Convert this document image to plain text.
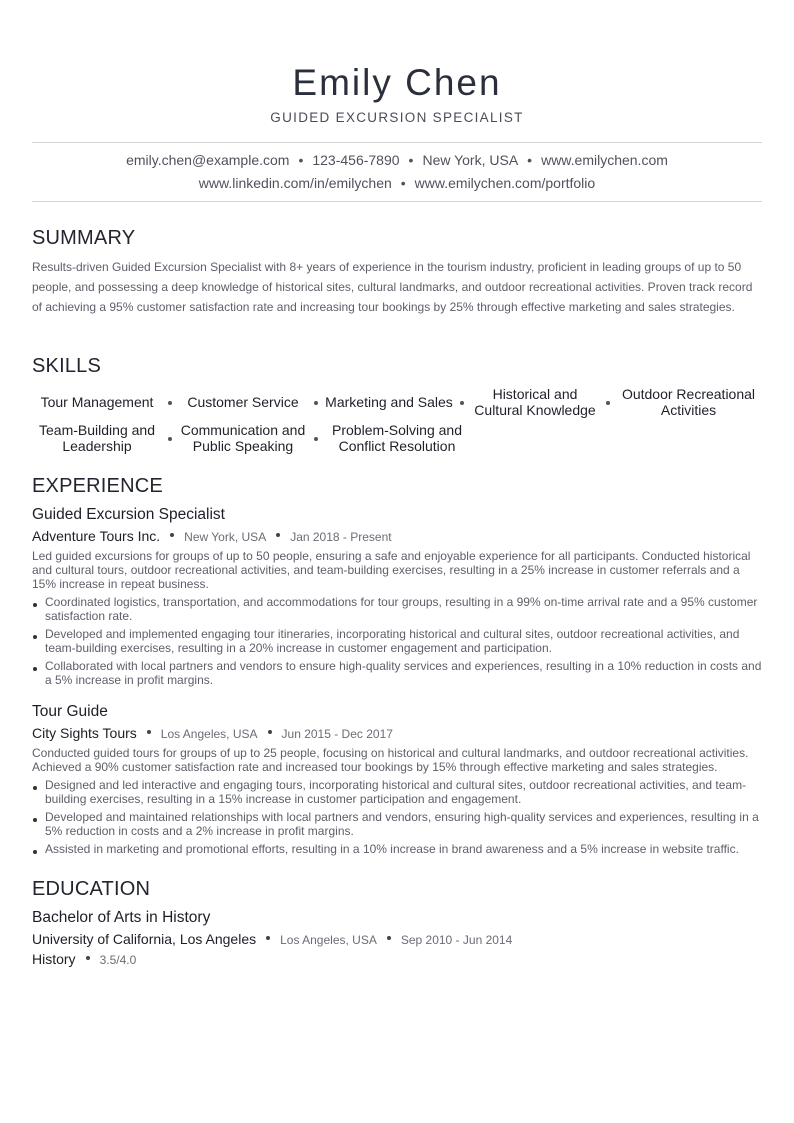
Emily Chen
GUIDED EXCURSION SPECIALIST
emily.chen@example.com • 123-456-7890 • New York, USA • www.emilychen.com
www.linkedin.com/in/emilychen • www.emilychen.com/portfolio
SUMMARY
Results-driven Guided Excursion Specialist with 8+ years of experience in the tourism industry, proficient in leading groups of up to 50 people, and possessing a deep knowledge of historical sites, cultural landmarks, and outdoor recreational activities. Proven track record of achieving a 95% customer satisfaction rate and increasing tour bookings by 25% through effective marketing and sales strategies.
SKILLS
Tour Management	Customer Service	Marketing and Sales	Historical and Cultural Knowledge
Outdoor Recreational Activities
Team-Building and Leadership
Communication and Public Speaking
Problem-Solving and Conflict Resolution
EXPERIENCE
Guided Excursion Specialist
Adventure Tours Inc. New York, USA Jan 2018 - Present
Led guided excursions for groups of up to 50 people, ensuring a safe and enjoyable experience for all participants. Conducted historical and cultural tours, outdoor recreational activities, and team-building exercises, resulting in a 25% increase in customer referrals and a 15% increase in repeat business.
Coordinated logistics, transportation, and accommodations for tour groups, resulting in a 99% on-time arrival rate and a 95% customer satisfaction rate.
Developed and implemented engaging tour itineraries, incorporating historical and cultural sites, outdoor recreational activities, and team-building exercises, resulting in a 20% increase in customer engagement and participation.
Collaborated with local partners and vendors to ensure high-quality services and experiences, resulting in a 10% reduction in costs and a 5% increase in profit margins.
Tour Guide
City Sights Tours Los Angeles, USA Jun 2015 - Dec 2017
Conducted guided tours for groups of up to 25 people, focusing on historical and cultural landmarks, and outdoor recreational activities. Achieved a 90% customer satisfaction rate and increased tour bookings by 15% through effective marketing and sales strategies.
Designed and led interactive and engaging tours, incorporating historical and cultural sites, outdoor recreational activities, and team-building exercises, resulting in a 15% increase in customer participation and engagement.
Developed and maintained relationships with local partners and vendors, ensuring high-quality services and experiences, resulting in a 5% reduction in costs and a 2% increase in profit margins.
Assisted in marketing and promotional efforts, resulting in a 10% increase in brand awareness and a 5% increase in website traffic.
EDUCATION
Bachelor of Arts in History
University of California, Los Angeles Los Angeles, USA Sep 2010 - Jun 2014
History 3.5/4.0
